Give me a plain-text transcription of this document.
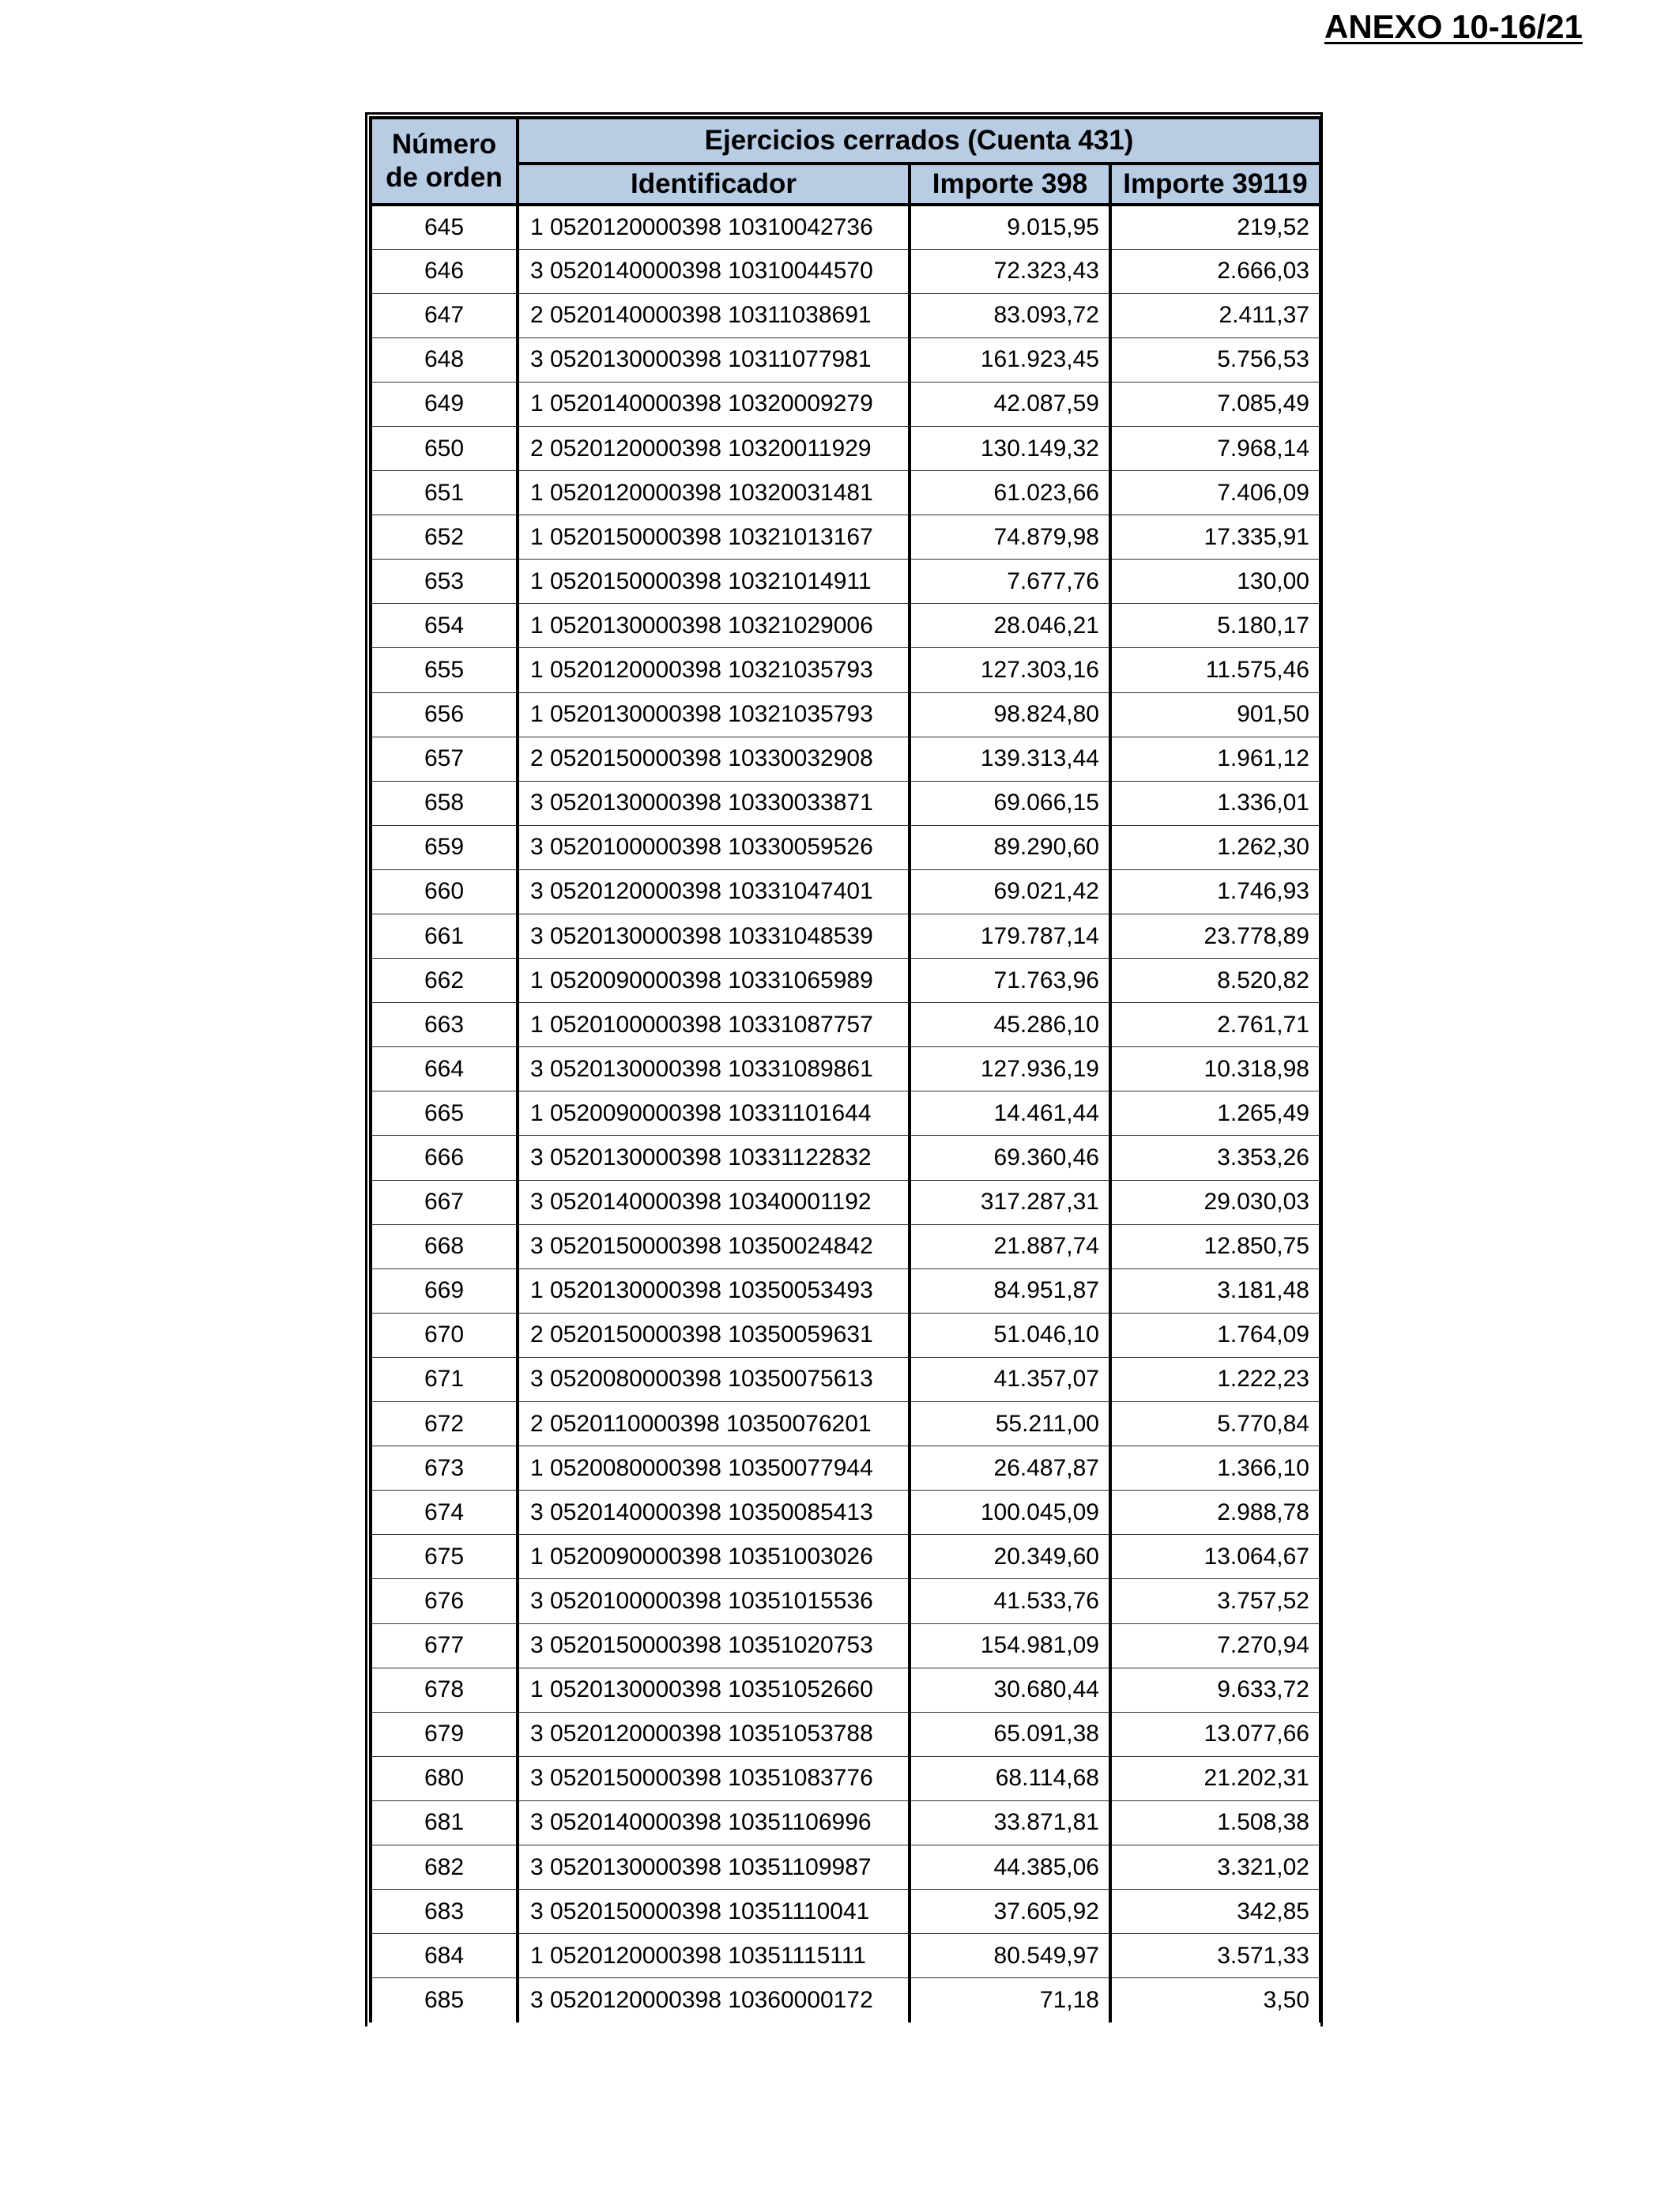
ANEXO 10-16/21
Número
de orden	Ejercicios cerrados (Cuenta 431)		
	Identificador	Importe 398	Importe 39119
645	1 0520120000398 10310042736	9.015,95	219,52
646	3 0520140000398 10310044570	72.323,43	2.666,03
647	2 0520140000398 10311038691	83.093,72	2.411,37
648	3 0520130000398 10311077981	161.923,45	5.756,53
649	1 0520140000398 10320009279	42.087,59	7.085,49
650	2 0520120000398 10320011929	130.149,32	7.968,14
651	1 0520120000398 10320031481	61.023,66	7.406,09
652	1 0520150000398 10321013167	74.879,98	17.335,91
653	1 0520150000398 10321014911	7.677,76	130,00
654	1 0520130000398 10321029006	28.046,21	5.180,17
655	1 0520120000398 10321035793	127.303,16	11.575,46
656	1 0520130000398 10321035793	98.824,80	901,50
657	2 0520150000398 10330032908	139.313,44	1.961,12
658	3 0520130000398 10330033871	69.066,15	1.336,01
659	3 0520100000398 10330059526	89.290,60	1.262,30
660	3 0520120000398 10331047401	69.021,42	1.746,93
661	3 0520130000398 10331048539	179.787,14	23.778,89
662	1 0520090000398 10331065989	71.763,96	8.520,82
663	1 0520100000398 10331087757	45.286,10	2.761,71
664	3 0520130000398 10331089861	127.936,19	10.318,98
665	1 0520090000398 10331101644	14.461,44	1.265,49
666	3 0520130000398 10331122832	69.360,46	3.353,26
667	3 0520140000398 10340001192	317.287,31	29.030,03
668	3 0520150000398 10350024842	21.887,74	12.850,75
669	1 0520130000398 10350053493	84.951,87	3.181,48
670	2 0520150000398 10350059631	51.046,10	1.764,09
671	3 0520080000398 10350075613	41.357,07	1.222,23
672	2 0520110000398 10350076201	55.211,00	5.770,84
673	1 0520080000398 10350077944	26.487,87	1.366,10
674	3 0520140000398 10350085413	100.045,09	2.988,78
675	1 0520090000398 10351003026	20.349,60	13.064,67
676	3 0520100000398 10351015536	41.533,76	3.757,52
677	3 0520150000398 10351020753	154.981,09	7.270,94
678	1 0520130000398 10351052660	30.680,44	9.633,72
679	3 0520120000398 10351053788	65.091,38	13.077,66
680	3 0520150000398 10351083776	68.114,68	21.202,31
681	3 0520140000398 10351106996	33.871,81	1.508,38
682	3 0520130000398 10351109987	44.385,06	3.321,02
683	3 0520150000398 10351110041	37.605,92	342,85
684	1 0520120000398 10351115111	80.549,97	3.571,33
685	3 0520120000398 10360000172	71,18	3,50
